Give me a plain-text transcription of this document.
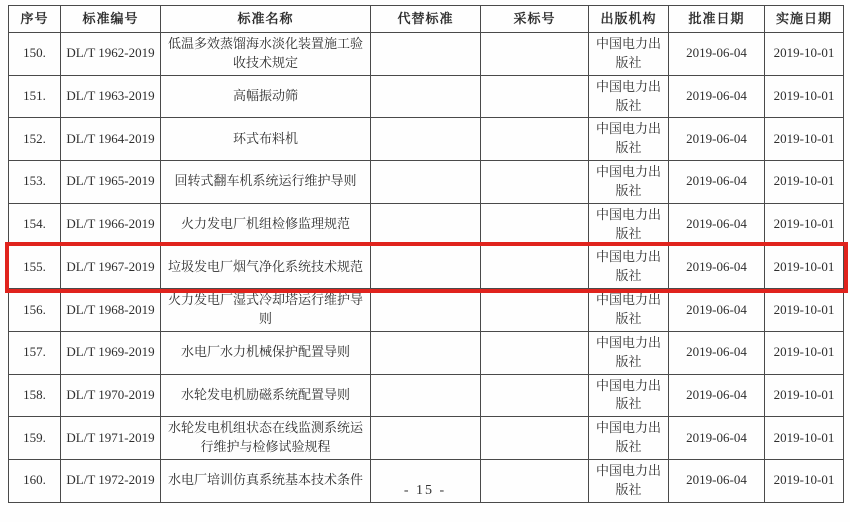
序号	标准编号	标准名称	代替标准	采标号	出版机构	批准日期	实施日期
150.	DL/T 1962-2019	低温多效蒸馏海水淡化装置施工验收技术规定			中国电力出版社	2019-06-04	2019-10-01
151.	DL/T 1963-2019	高幅振动筛			中国电力出版社	2019-06-04	2019-10-01
152.	DL/T 1964-2019	环式布料机			中国电力出版社	2019-06-04	2019-10-01
153.	DL/T 1965-2019	回转式翻车机系统运行维护导则			中国电力出版社	2019-06-04	2019-10-01
154.	DL/T 1966-2019	火力发电厂机组检修监理规范			中国电力出版社	2019-06-04	2019-10-01
155.	DL/T 1967-2019	垃圾发电厂烟气净化系统技术规范			中国电力出版社	2019-06-04	2019-10-01
156.	DL/T 1968-2019	火力发电厂湿式冷却塔运行维护导则			中国电力出版社	2019-06-04	2019-10-01
157.	DL/T 1969-2019	水电厂水力机械保护配置导则			中国电力出版社	2019-06-04	2019-10-01
158.	DL/T 1970-2019	水轮发电机励磁系统配置导则			中国电力出版社	2019-06-04	2019-10-01
159.	DL/T 1971-2019	水轮发电机组状态在线监测系统运行维护与检修试验规程			中国电力出版社	2019-06-04	2019-10-01
160.	DL/T 1972-2019	水电厂培训仿真系统基本技术条件			中国电力出版社	2019-06-04	2019-10-01
- 15 -
